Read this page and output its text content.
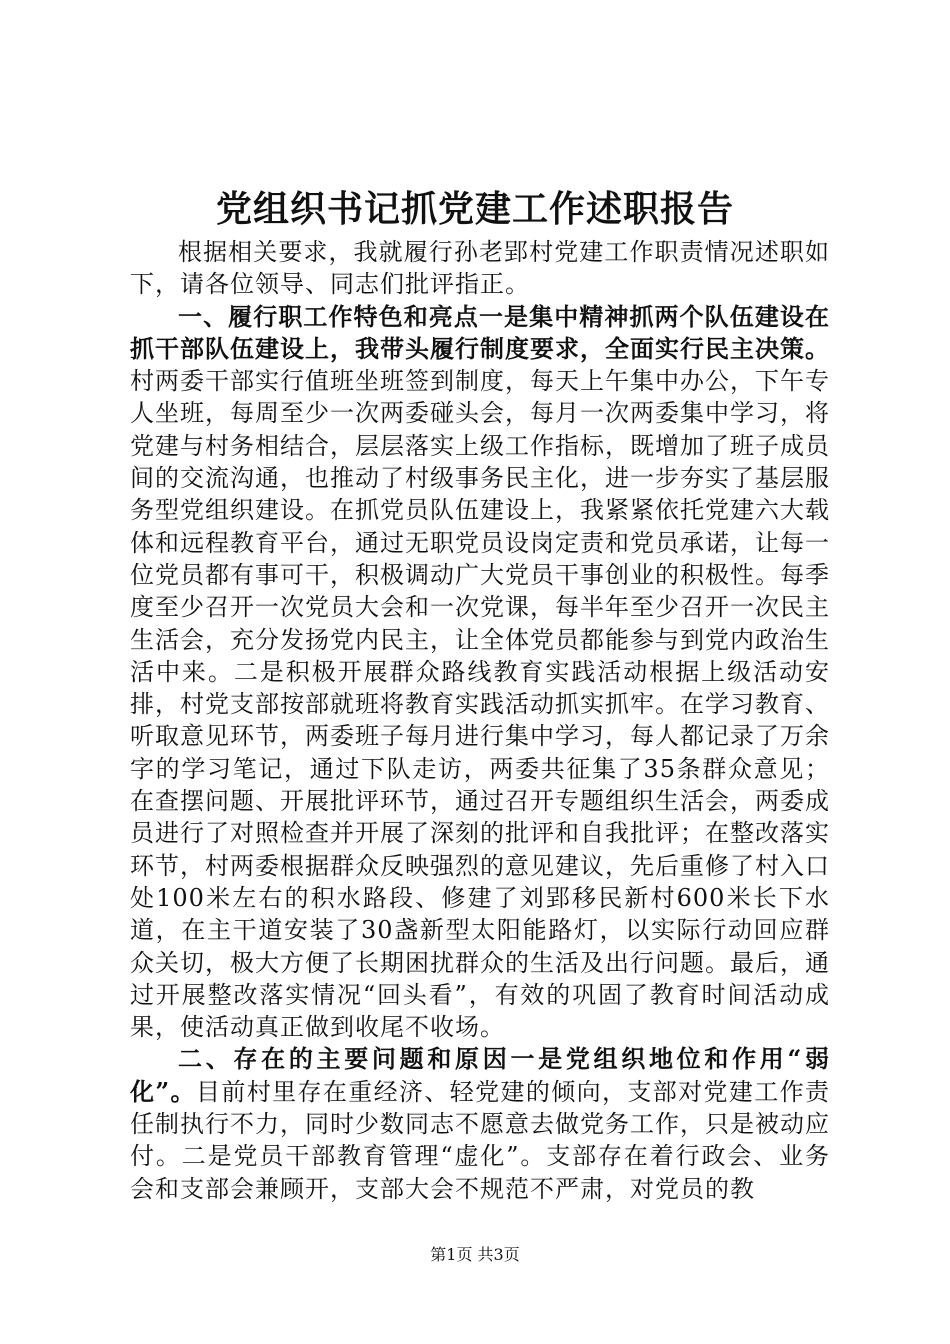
党组织书记抓党建工作述职报告

根据相关要求，我就履行孙老郢村党建工作职责情况述职如下，请各位领导、同志们批评指正。

一、履行职工作特色和亮点一是集中精神抓两个队伍建设在抓干部队伍建设上，我带头履行制度要求，全面实行民主决策。村两委干部实行值班坐班签到制度，每天上午集中办公，下午专人坐班，每周至少一次两委碰头会，每月一次两委集中学习，将党建与村务相结合，层层落实上级工作指标，既增加了班子成员间的交流沟通，也推动了村级事务民主化，进一步夯实了基层服务型党组织建设。在抓党员队伍建设上，我紧紧依托党建六大载体和远程教育平台，通过无职党员设岗定责和党员承诺，让每一位党员都有事可干，积极调动广大党员干事创业的积极性。每季度至少召开一次党员大会和一次党课，每半年至少召开一次民主生活会，充分发扬党内民主，让全体党员都能参与到党内政治生活中来。二是积极开展群众路线教育实践活动根据上级活动安排，村党支部按部就班将教育实践活动抓实抓牢。在学习教育、听取意见环节，两委班子每月进行集中学习，每人都记录了万余字的学习笔记，通过下队走访，两委共征集了35条群众意见；在查摆问题、开展批评环节，通过召开专题组织生活会，两委成员进行了对照检查并开展了深刻的批评和自我批评；在整改落实环节，村两委根据群众反映强烈的意见建议，先后重修了村入口处100米左右的积水路段、修建了刘郢移民新村600米长下水道，在主干道安装了30盏新型太阳能路灯，以实际行动回应群众关切，极大方便了长期困扰群众的生活及出行问题。最后，通过开展整改落实情况“回头看”，有效的巩固了教育时间活动成果，使活动真正做到收尾不收场。

二、存在的主要问题和原因一是党组织地位和作用“弱化”。目前村里存在重经济、轻党建的倾向，支部对党建工作责任制执行不力，同时少数同志不愿意去做党务工作，只是被动应付。二是党员干部教育管理“虚化”。支部存在着行政会、业务会和支部会兼顾开，支部大会不规范不严肃，对党员的教

第1页 共3页
